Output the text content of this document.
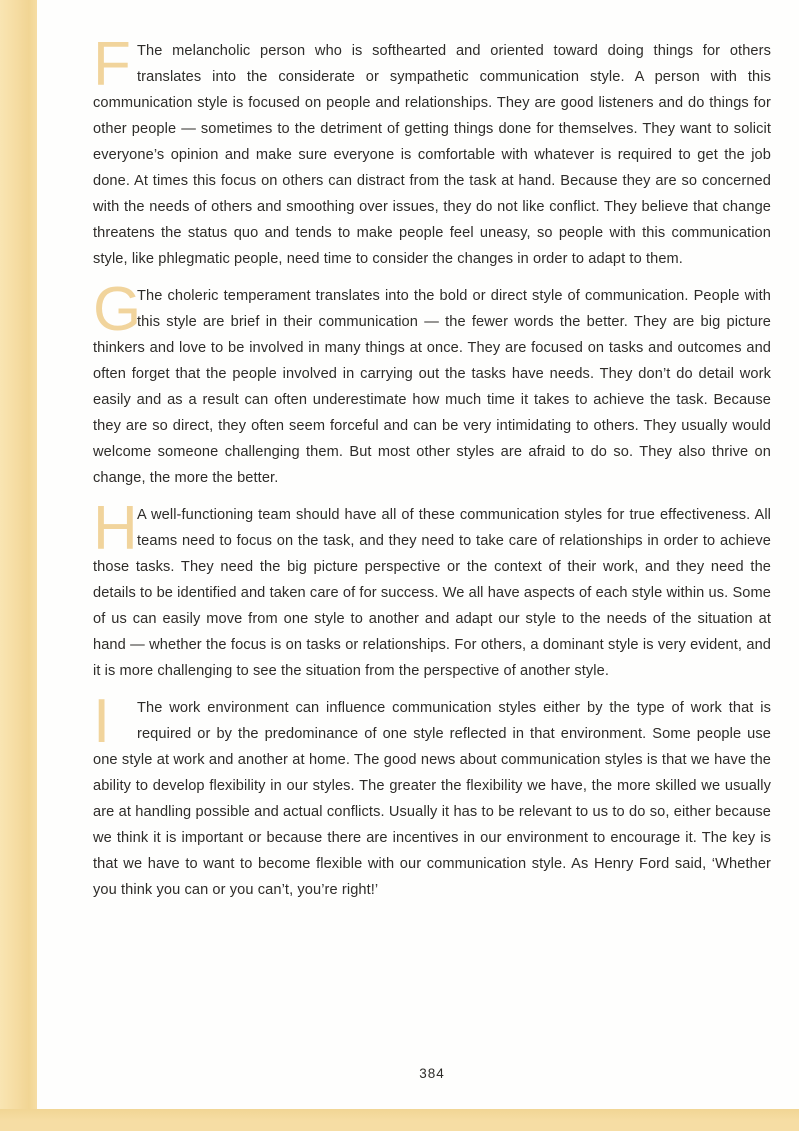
F The melancholic person who is softhearted and oriented toward doing things for others translates into the considerate or sympathetic communication style. A person with this communication style is focused on people and relationships. They are good listeners and do things for other people — sometimes to the detriment of getting things done for themselves. They want to solicit everyone’s opinion and make sure everyone is comfortable with whatever is required to get the job done. At times this focus on others can distract from the task at hand. Because they are so concerned with the needs of others and smoothing over issues, they do not like conflict. They believe that change threatens the status quo and tends to make people feel uneasy, so people with this communication style, like phlegmatic people, need time to consider the changes in order to adapt to them.

G
The choleric temperament translates into the bold or direct style of communication. People with this style are brief in their communication — the fewer words the better. They are big picture thinkers and love to be involved in many things at once. They are focused on tasks and outcomes and often forget that the people involved in carrying out the tasks have needs. They don’t do detail work easily and as a result can often underestimate how much time it takes to achieve the task. Because they are so direct, they often seem forceful and can be very intimidating to others. They usually would welcome someone challenging them. But most other styles are afraid to do so. They also thrive on change, the more the better.

H A well-functioning team should have all of these communication styles for true effectiveness. All teams need to focus on the task, and they need to take care of relationships in order to achieve those tasks. They need the big picture perspective or the context of their work, and they need the details to be identified and taken care of for success. We all have aspects of each style within us. Some of us can easily move from one style to another and adapt our style to the needs of the situation at hand — whether the focus is on tasks or relationships. For others, a dominant style is very evident, and it is more challenging to see the situation from the perspective of another style.

I	The work environment can influence communication styles either by the type of work that is required or by the predominance of one style reflected in that environment. Some people use one style at work and another at home. The good news about communication styles is that we have the ability to develop flexibility in our styles. The greater the flexibility we have, the more skilled we usually are at handling possible and actual conflicts. Usually it has to be relevant to us to do so, either because we think it is important or because there are incentives in our environment to encourage it. The key is that we have to want to become flexible with our communication style. As Henry Ford said, ‘Whether you think you can or you can’t, you’re right!’

384
